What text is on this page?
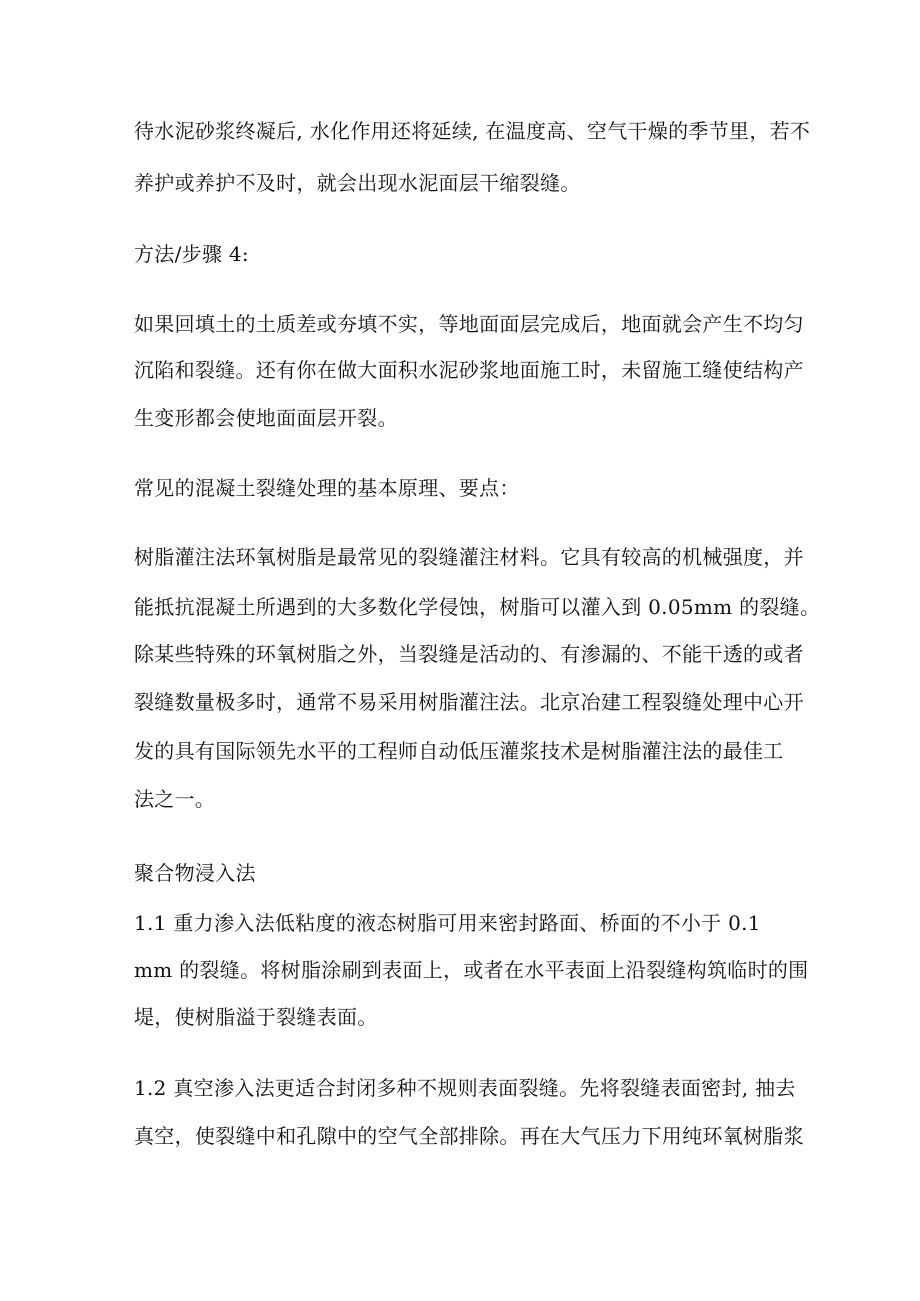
待水泥砂浆终凝后, 水化作用还将延续, 在温度高、空气干燥的季节里，若不
养护或养护不及时，就会出现水泥面层干缩裂缝。
方法/步骤 4:
如果回填土的土质差或夯填不实，等地面面层完成后，地面就会产生不均匀
沉陷和裂缝。还有你在做大面积水泥砂浆地面施工时，未留施工缝使结构产
生变形都会使地面面层开裂。
常见的混凝土裂缝处理的基本原理、要点：
树脂灌注法环氧树脂是最常见的裂缝灌注材料。它具有较高的机械强度，并
能抵抗混凝土所遇到的大多数化学侵蚀，树脂可以灌入到 0.05mm 的裂缝。
除某些特殊的环氧树脂之外，当裂缝是活动的、有渗漏的、不能干透的或者
裂缝数量极多时，通常不易采用树脂灌注法。北京冶建工程裂缝处理中心开
发的具有国际领先水平的工程师自动低压灌浆技术是树脂灌注法的最佳工
法之一。
聚合物浸入法
1.1 重力渗入法低粘度的液态树脂可用来密封路面、桥面的不小于 0.1
mm 的裂缝。将树脂涂刷到表面上，或者在水平表面上沿裂缝构筑临时的围
堤，使树脂溢于裂缝表面。
1.2 真空渗入法更适合封闭多种不规则表面裂缝。先将裂缝表面密封, 抽去
真空，使裂缝中和孔隙中的空气全部排除。再在大气压力下用纯环氧树脂浆
